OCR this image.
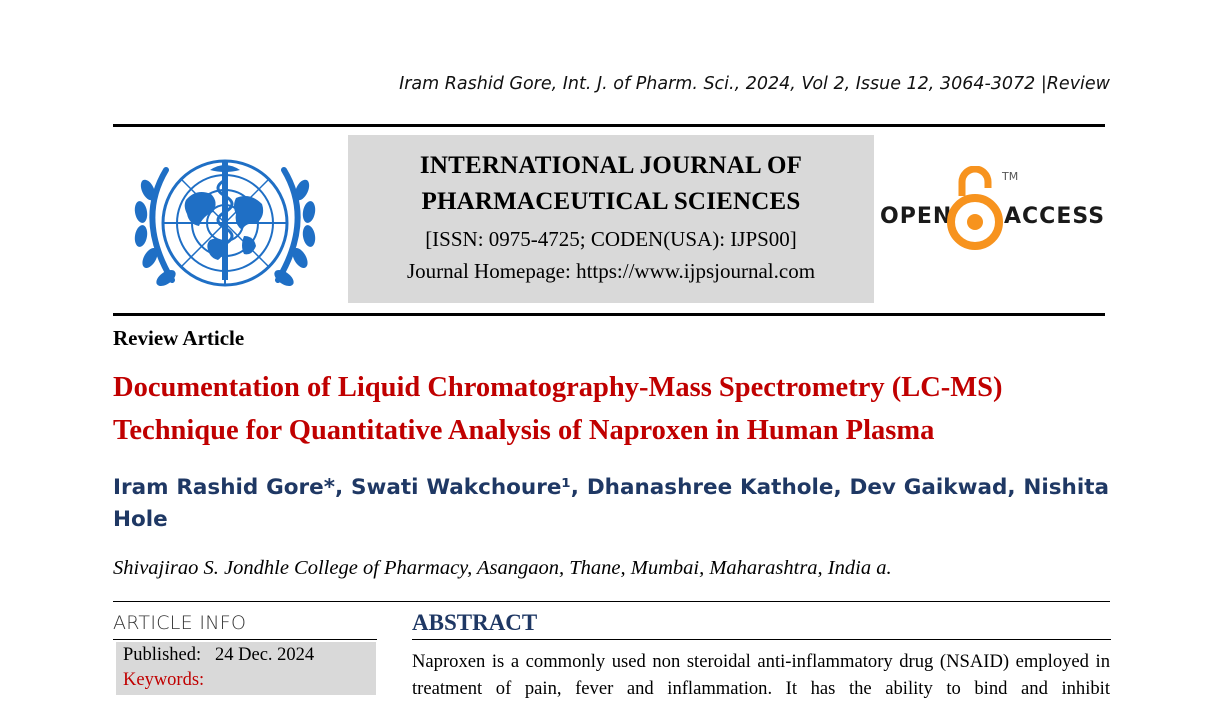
Iram Rashid Gore, Int. J. of Pharm. Sci., 2024, Vol 2, Issue 12, 3064-3072 |Review
INTERNATIONAL JOURNAL OF
PHARMACEUTICAL SCIENCES
[ISSN: 0975-4725; CODEN(USA): IJPS00]
Journal Homepage: https://www.ijpsjournal.com
OPEN ACCESS
TM
Review Article
Documentation of Liquid Chromatography-Mass Spectrometry (LC-MS) Technique for Quantitative Analysis of Naproxen in Human Plasma
Iram Rashid Gore*, Swati Wakchoure¹, Dhanashree Kathole, Dev Gaikwad, Nishita Hole
Shivajirao S. Jondhle College of Pharmacy, Asangaon, Thane, Mumbai, Maharashtra, India a.
ARTICLE INFO
Published:   24 Dec. 2024
Keywords:
ABSTRACT
Naproxen is a commonly used non steroidal anti-inflammatory drug (NSAID) employed in treatment of pain, fever and inflammation. It has the ability to bind and inhibit
